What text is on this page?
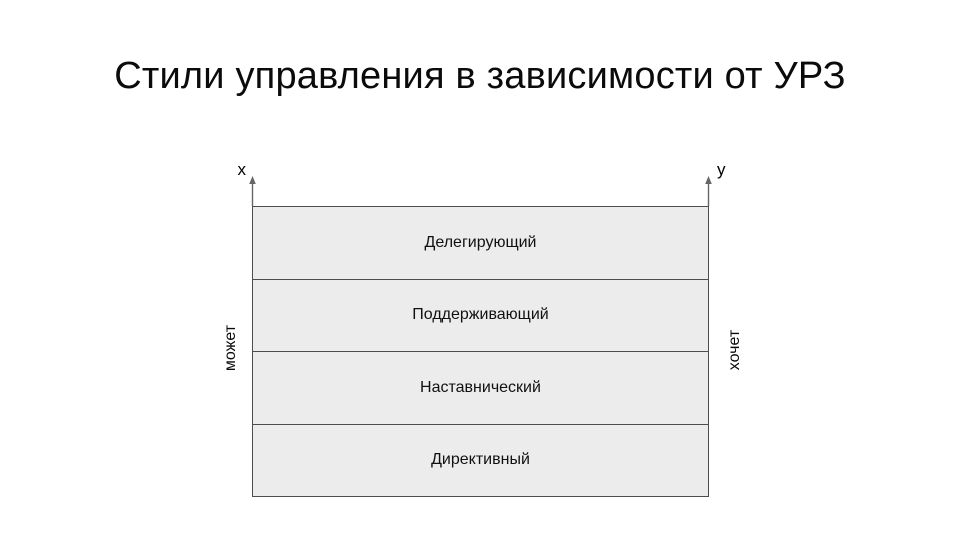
Стили управления в зависимости от УРЗ
x	y
может	хочет
Делегирующий
Поддерживающий
Наставнический
Директивный
